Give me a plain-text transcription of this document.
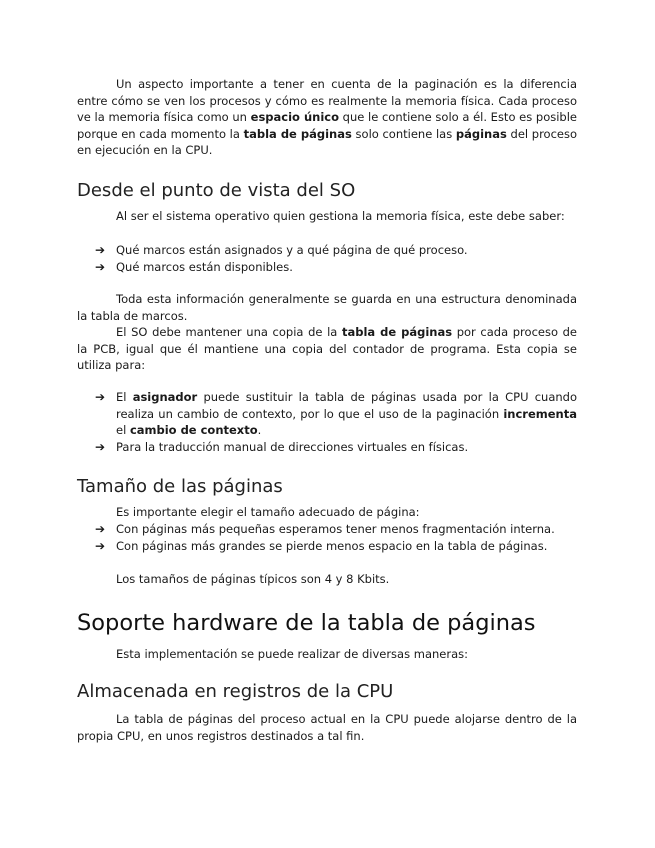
Un aspecto importante a tener en cuenta de la paginación es la diferencia entre cómo se ven los procesos y cómo es realmente la memoria física. Cada proceso ve la memoria física como un espacio único que le contiene solo a él. Esto es posible porque en cada momento la tabla de páginas solo contiene las páginas del proceso en ejecución en la CPU.

Desde el punto de vista del SO

Al ser el sistema operativo quien gestiona la memoria física, este debe saber:

➔ Qué marcos están asignados y a qué página de qué proceso.
➔ Qué marcos están disponibles.

Toda esta información generalmente se guarda en una estructura denominada la tabla de marcos.

El SO debe mantener una copia de la tabla de páginas por cada proceso de la PCB, igual que él mantiene una copia del contador de programa. Esta copia se utiliza para:

➔ El asignador puede sustituir la tabla de páginas usada por la CPU cuando realiza un cambio de contexto, por lo que el uso de la paginación incrementa el cambio de contexto.
➔ Para la traducción manual de direcciones virtuales en físicas.
Tamaño de las páginas

Es importante elegir el tamaño adecuado de página:

➔ Con páginas más pequeñas esperamos tener menos fragmentación interna.
➔ Con páginas más grandes se pierde menos espacio en la tabla de páginas.

Los tamaños de páginas típicos son 4 y 8 Kbits.

Soporte hardware de la tabla de páginas

Esta implementación se puede realizar de diversas maneras:

Almacenada en registros de la CPU

La tabla de páginas del proceso actual en la CPU puede alojarse dentro de la propia CPU, en unos registros destinados a tal fin.
